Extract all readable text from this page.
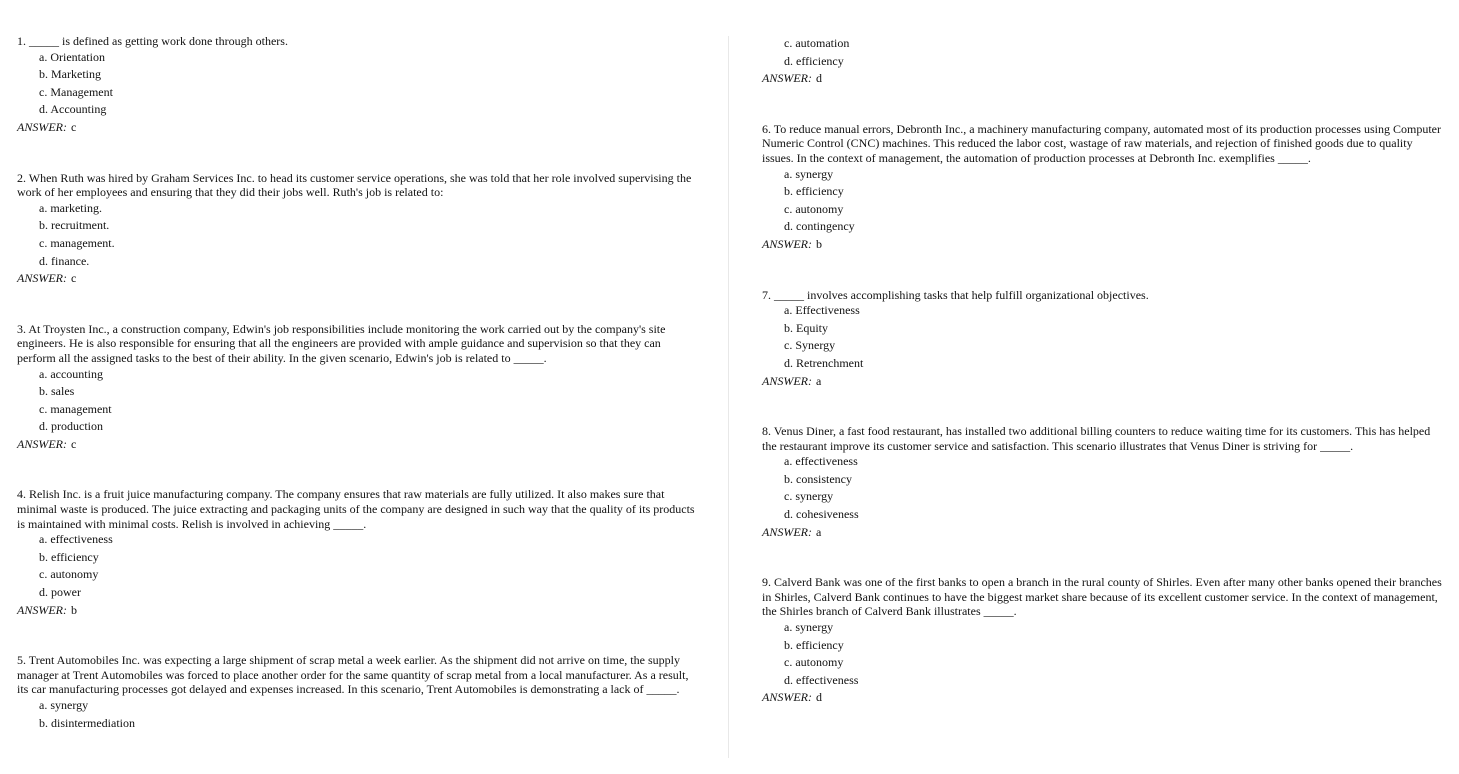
1. _____ is defined as getting work done through others.

a. Orientation
b. Marketing
c. Management
d. Accounting

ANSWER: c

2. When Ruth was hired by Graham Services Inc. to head its customer service operations, she was told that her role involved supervising the work of her employees and ensuring that they did their jobs well. Ruth's job is related to:

a. marketing.
b. recruitment.
c. management.
d. finance.

ANSWER: c

3. At Troysten Inc., a construction company, Edwin's job responsibilities include monitoring the work carried out by the company's site engineers. He is also responsible for ensuring that all the engineers are provided with ample guidance and supervision so that they can perform all the assigned tasks to the best of their ability. In the given scenario, Edwin's job is related to _____.

a. accounting
b. sales
c. management
d. production

ANSWER: c

4. Relish Inc. is a fruit juice manufacturing company. The company ensures that raw materials are fully utilized. It also makes sure that minimal waste is produced. The juice extracting and packaging units of the company are designed in such way that the quality of its products is maintained with minimal costs. Relish is involved in achieving _____.

a. effectiveness
b. efficiency
c. autonomy
d. power

ANSWER: b

5. Trent Automobiles Inc. was expecting a large shipment of scrap metal a week earlier. As the shipment did not arrive on time, the supply manager at Trent Automobiles was forced to place another order for the same quantity of scrap metal from a local manufacturer. As a result, its car manufacturing processes got delayed and expenses increased. In this scenario, Trent Automobiles is demonstrating a lack of _____.

a. synergy
b. disintermediation
c. automation
d. efficiency

ANSWER: d

6. To reduce manual errors, Debronth Inc., a machinery manufacturing company, automated most of its production processes using Computer Numeric Control (CNC) machines. This reduced the labor cost, wastage of raw materials, and rejection of finished goods due to quality issues. In the context of management, the automation of production processes at Debronth Inc. exemplifies _____.

a. synergy
b. efficiency
c. autonomy
d. contingency

ANSWER: b

7. _____ involves accomplishing tasks that help fulfill organizational objectives.

a. Effectiveness
b. Equity
c. Synergy
d. Retrenchment

ANSWER: a

8. Venus Diner, a fast food restaurant, has installed two additional billing counters to reduce waiting time for its customers. This has helped the restaurant improve its customer service and satisfaction. This scenario illustrates that Venus Diner is striving for _____.

a. effectiveness
b. consistency
c. synergy
d. cohesiveness

ANSWER: a

9. Calverd Bank was one of the first banks to open a branch in the rural county of Shirles. Even after many other banks opened their branches in Shirles, Calverd Bank continues to have the biggest market share because of its excellent customer service. In the context of management, the Shirles branch of Calverd Bank illustrates _____.

a. synergy
b. efficiency
c. autonomy
d. effectiveness

ANSWER: d
